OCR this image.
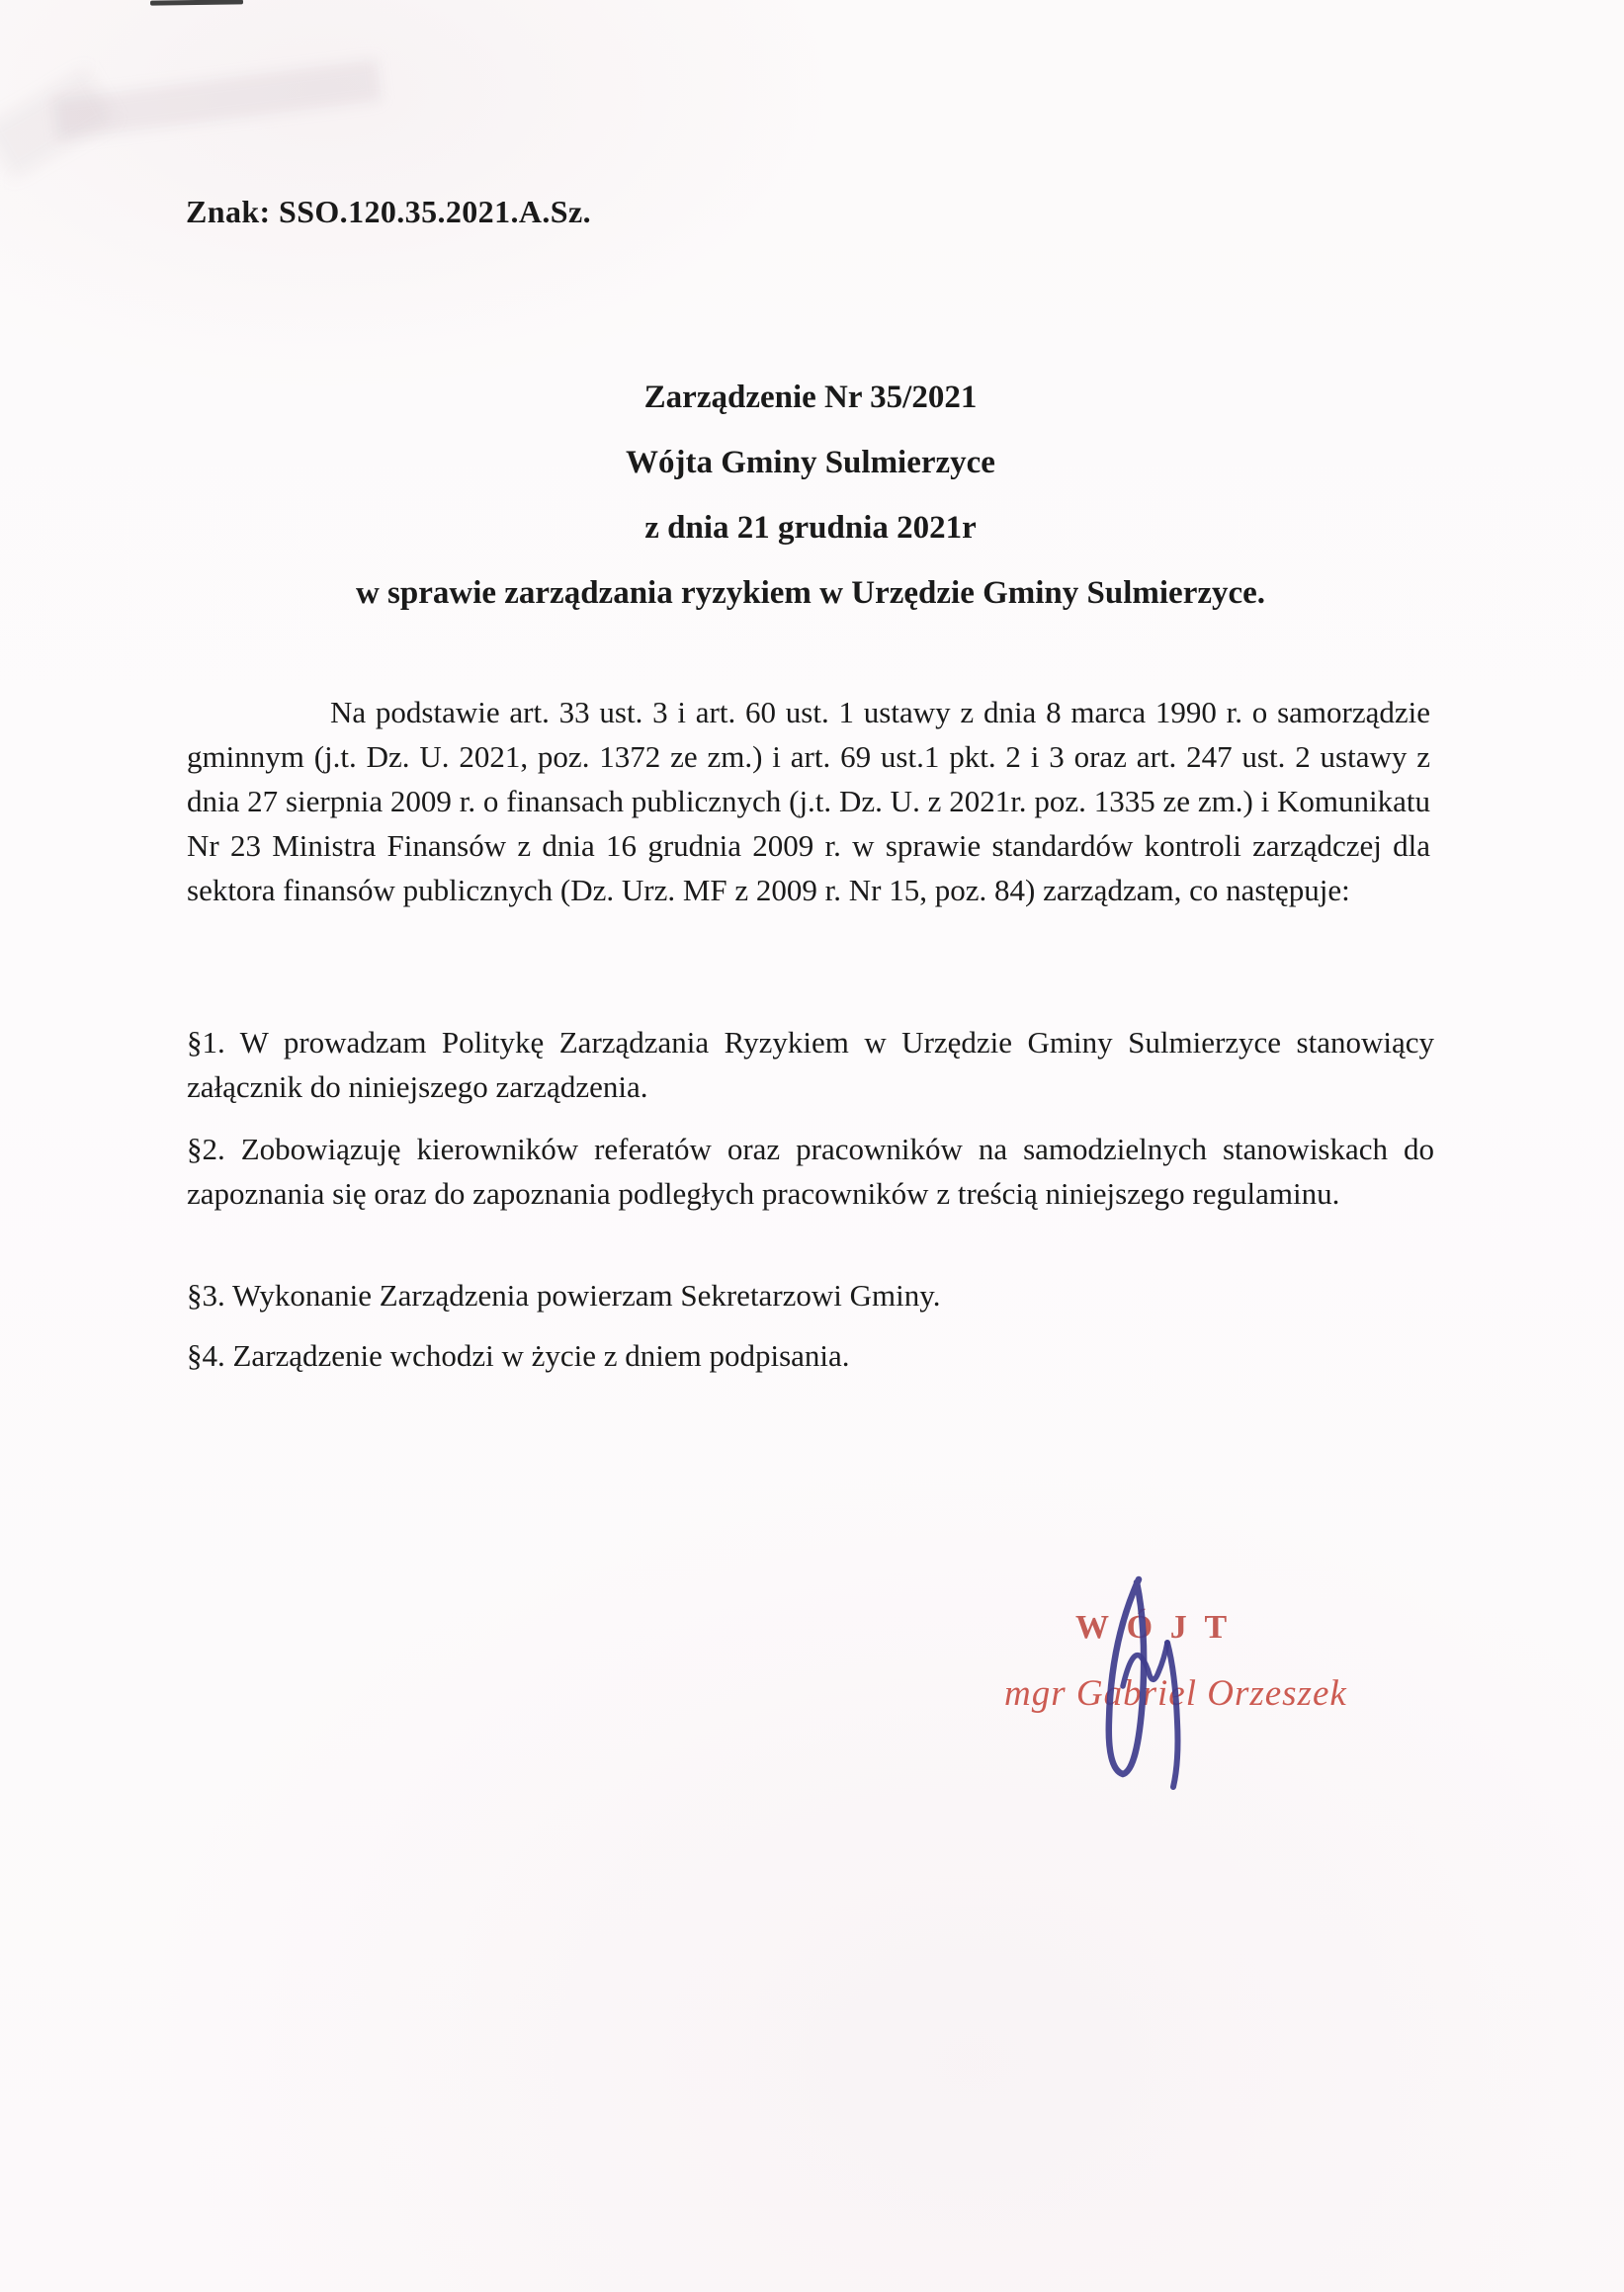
Znak: SSO.120.35.2021.A.Sz.
Zarządzenie Nr 35/2021
Wójta Gminy Sulmierzyce
z dnia 21 grudnia 2021r
w sprawie zarządzania ryzykiem w Urzędzie Gminy Sulmierzyce.

Na podstawie art. 33 ust. 3 i art. 60 ust. 1 ustawy z dnia 8 marca 1990 r. o samorządzie gminnym (j.t. Dz. U. 2021, poz. 1372 ze zm.) i art. 69 ust.1 pkt. 2 i 3 oraz art. 247 ust. 2 ustawy z dnia 27 sierpnia 2009 r. o finansach publicznych (j.t. Dz. U. z 2021r. poz. 1335 ze zm.) i Komunikatu Nr 23 Ministra Finansów z dnia 16 grudnia 2009 r. w sprawie standardów kontroli zarządczej dla sektora finansów publicznych (Dz. Urz. MF z 2009 r. Nr 15, poz. 84) zarządzam, co następuje:

§1. W prowadzam Politykę Zarządzania Ryzykiem w Urzędzie Gminy Sulmierzyce stanowiący załącznik do niniejszego zarządzenia.

§2. Zobowiązuję kierowników referatów oraz pracowników na samodzielnych stanowiskach do zapoznania się oraz do zapoznania podległych pracowników z treścią niniejszego regulaminu.

§3. Wykonanie Zarządzenia powierzam Sekretarzowi Gminy.

§4. Zarządzenie wchodzi w życie z dniem podpisania.

WÓJT
mgr Gabriel Orzeszek
